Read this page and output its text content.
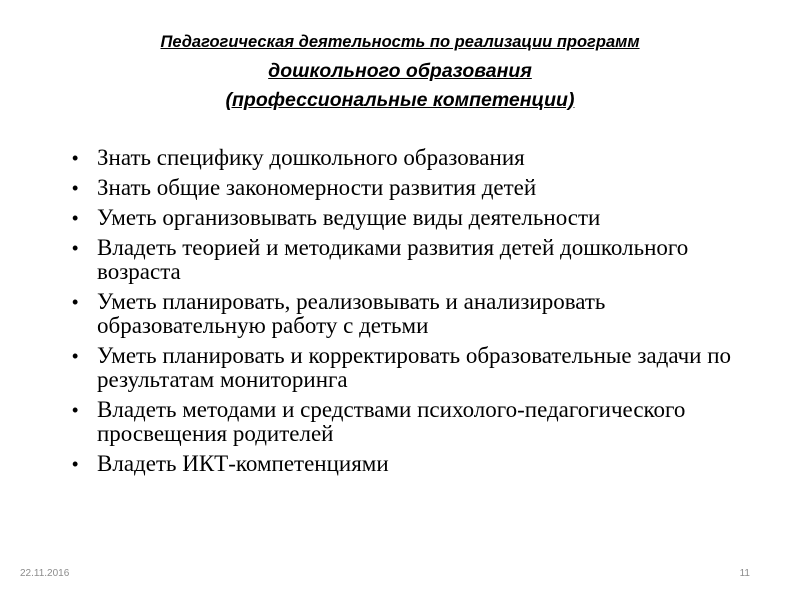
Педагогическая деятельность по реализации программ
дошкольного образования
(профессиональные компетенции)
• Знать специфику дошкольного образования
• Знать общие закономерности развития детей
• Уметь организовывать ведущие виды деятельности
• Владеть теорией и методиками развития детей дошкольного возраста
• Уметь планировать, реализовывать и анализировать образовательную работу с детьми
• Уметь планировать и корректировать образовательные задачи по результатам мониторинга
• Владеть методами и средствами психолого-педагогического просвещения родителей
• Владеть ИКТ-компетенциями
22.11.2016	11
